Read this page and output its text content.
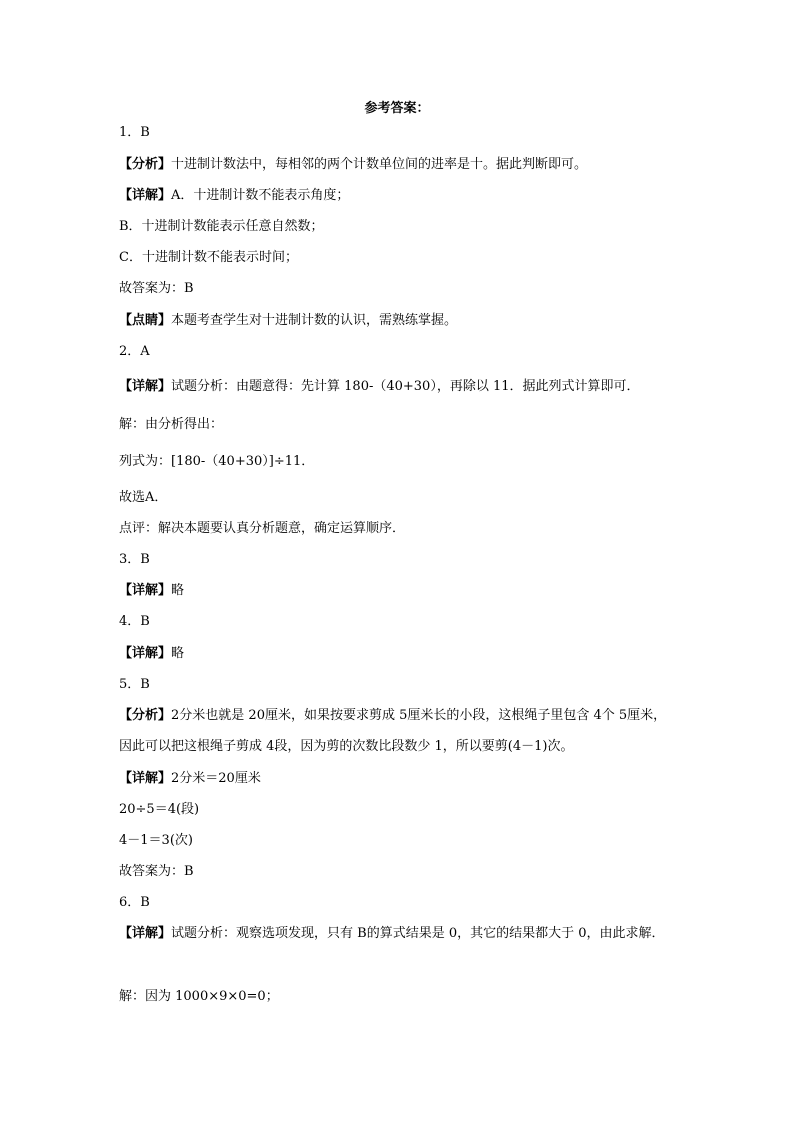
参考答案：
1．B
【分析】十进制计数法中，每相邻的两个计数单位间的进率是十。据此判断即可。
【详解】A．十进制计数不能表示角度；
B．十进制计数能表示任意自然数；
C．十进制计数不能表示时间；
故答案为：B
【点睛】本题考查学生对十进制计数的认识，需熟练掌握。
2．A
【详解】试题分析：由题意得：先计算 180-（40+30），再除以 11．据此列式计算即可．
解：由分析得出：
列式为：[180-（40+30）]÷11．
故选A．
点评：解决本题要认真分析题意，确定运算顺序．
3．B
【详解】略
4．B
【详解】略
5．B
【分析】2分米也就是 20厘米，如果按要求剪成 5厘米长的小段，这根绳子里包含 4个 5厘米，因此可以把这根绳子剪成 4段，因为剪的次数比段数少 1，所以要剪(4－1)次。
【详解】2分米＝20厘米
20÷5＝4(段)
4－1＝3(次)
故答案为：B
6．B
【详解】试题分析：观察选项发现，只有 B的算式结果是 0，其它的结果都大于 0，由此求解．
解：因为 1000×9×0=0；
